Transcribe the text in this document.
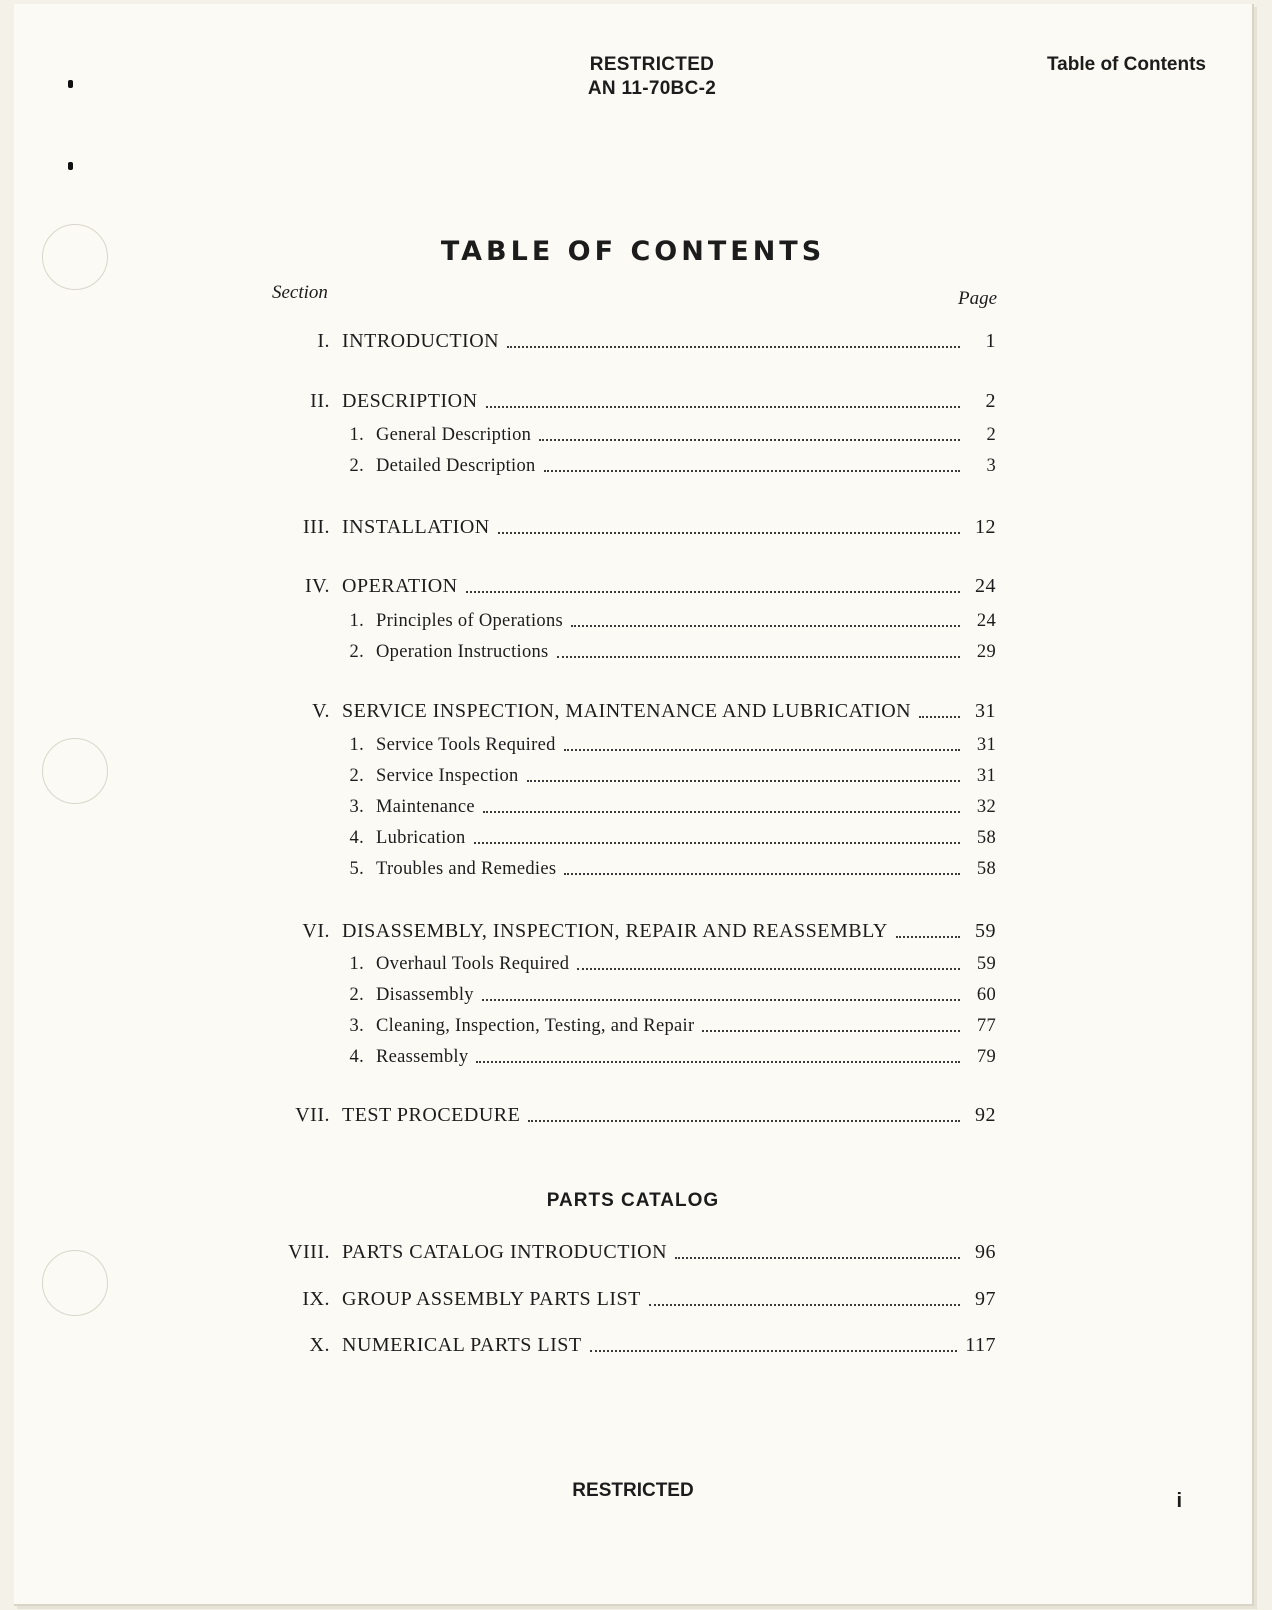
RESTRICTED
AN 11-70BC-2
Table of Contents
TABLE OF CONTENTS
Section	Page
I. INTRODUCTION	1
II. DESCRIPTION	2
1. General Description	2
2. Detailed Description	3
III. INSTALLATION	12
IV. OPERATION	24
1. Principles of Operations	24
2. Operation Instructions	29
V. SERVICE INSPECTION, MAINTENANCE AND LUBRICATION	31
1. Service Tools Required	31
2. Service Inspection	31
3. Maintenance	32
4. Lubrication	58
5. Troubles and Remedies	58
VI. DISASSEMBLY, INSPECTION, REPAIR AND REASSEMBLY	59
1. Overhaul Tools Required	59
2. Disassembly	60
3. Cleaning, Inspection, Testing, and Repair	77
4. Reassembly	79
VII. TEST PROCEDURE	92
PARTS CATALOG
VIII. PARTS CATALOG INTRODUCTION	96
IX. GROUP ASSEMBLY PARTS LIST	97
X. NUMERICAL PARTS LIST	117
RESTRICTED	i
